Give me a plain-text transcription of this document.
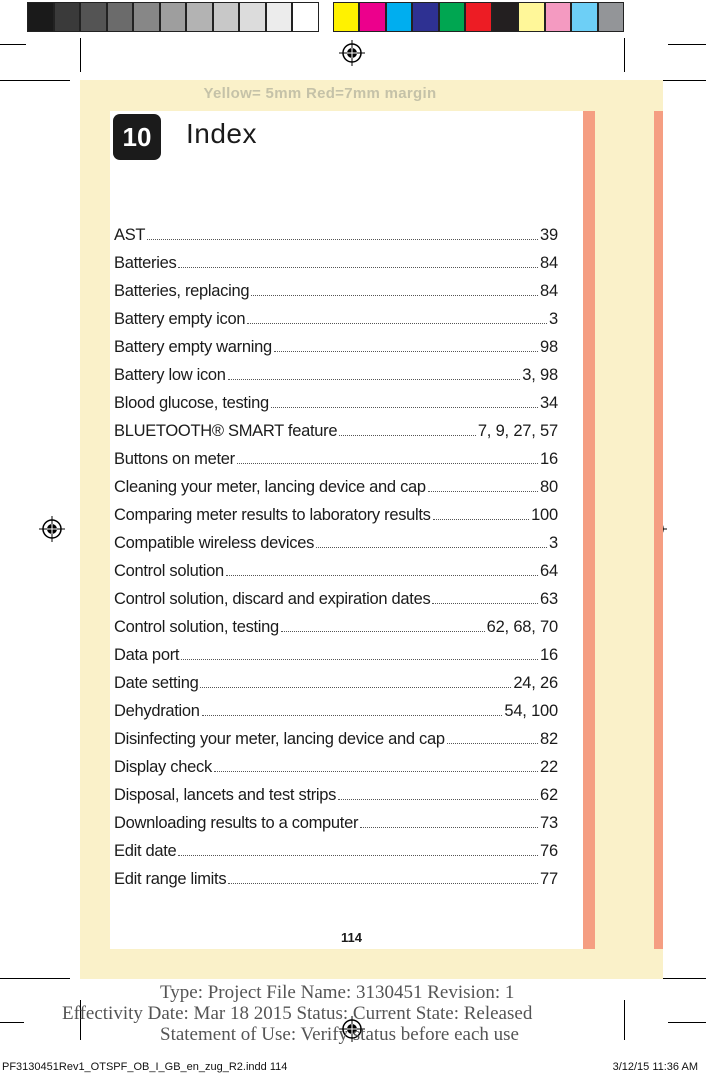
Yellow= 5mm Red=7mm margin
10	Index
AST	39
Batteries	84
Batteries, replacing	84
Battery empty icon	3
Battery empty warning	98
Battery low icon	3, 98
Blood glucose, testing	34
BLUETOOTH® SMART feature	7, 9, 27, 57
Buttons on meter	16
Cleaning your meter, lancing device and cap	80
Comparing meter results to laboratory results	100
Compatible wireless devices	3
Control solution	64
Control solution, discard and expiration dates	63
Control solution, testing	62, 68, 70
Data port	16
Date setting	24, 26
Dehydration	54, 100
Disinfecting your meter, lancing device and cap	82
Display check	22
Disposal, lancets and test strips	62
Downloading results to a computer	73
Edit date	76
Edit range limits	77
114
Type: Project File Name: 3130451 Revision: 1
Effectivity Date: Mar 18 2015 Status: Current State: Released
Statement of Use: Verify status before each use
PF3130451Rev1_OTSPF_OB_I_GB_en_zug_R2.indd 114	3/12/15 11:36 AM
